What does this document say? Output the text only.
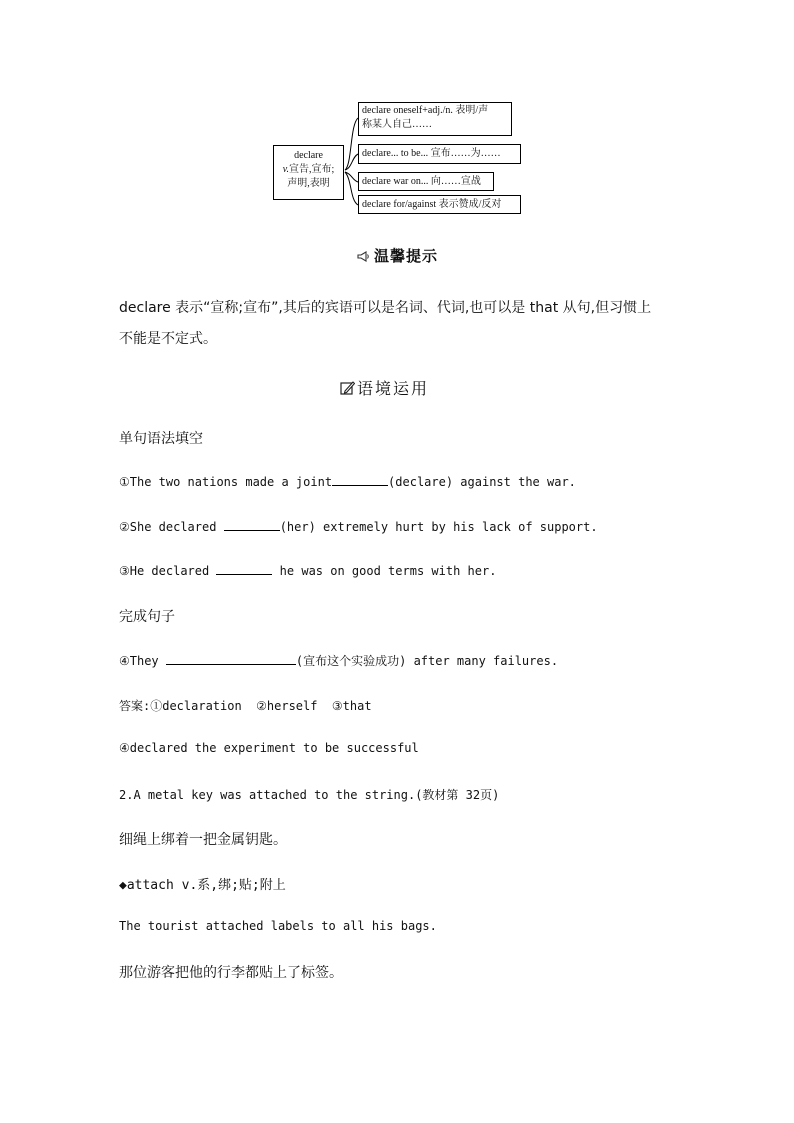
declare
v.宣告,宣布;
声明,表明
declare oneself+adj./n. 表明/声
称某人自己……
declare... to be... 宣布……为……
declare war on... 向……宣战
declare for/against 表示赞成/反对
温馨提示
declare 表示“宣称;宣布”,其后的宾语可以是名词、代词,也可以是 that 从句,但习惯上
不能是不定式。
语境运用
单句语法填空
①The two nations made a joint	(declare) against the war.
②She declared	(her) extremely hurt by his lack of support.
③He declared	he was on good terms with her.
完成句子
④They	(宣布这个实验成功) after many failures.
答案:①declaration  ②herself  ③that
④declared the experiment to be successful
2.A metal key was attached to the string.(教材第 32页)
细绳上绑着一把金属钥匙。
◆attach v.系,绑;贴;附上
The tourist attached labels to all his bags.
那位游客把他的行李都贴上了标签。
